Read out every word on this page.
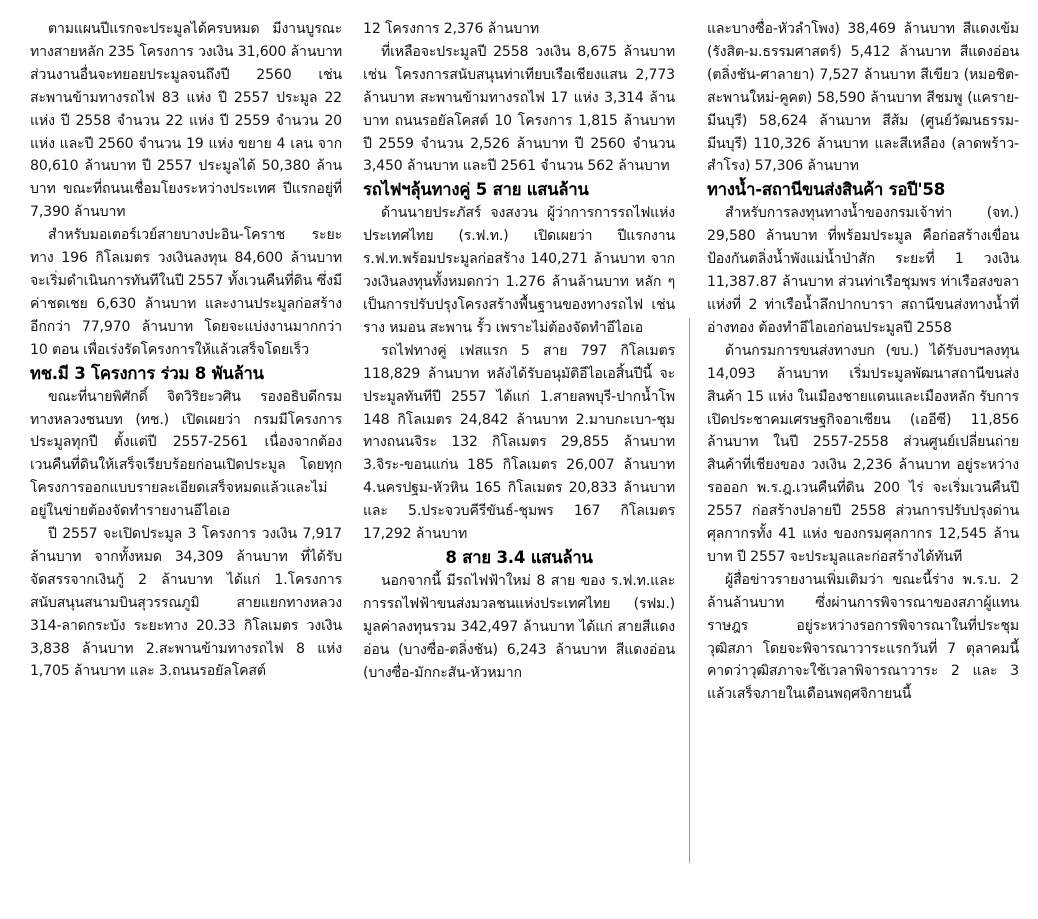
ตามแผนปีแรกจะประมูลได้ครบหมด มีงานบูรณะทางสายหลัก 235 โครงการ วงเงิน 31,600 ล้านบาท ส่วนงานอื่นจะทยอยประมูลจนถึงปี 2560 เช่น สะพานข้ามทางรถไฟ 83 แห่ง ปี 2557 ประมูล 22 แห่ง ปี 2558 จำนวน 22 แห่ง ปี 2559 จำนวน 20 แห่ง และปี 2560 จำนวน 19 แห่ง ขยาย 4 เลน จาก 80,610 ล้านบาท ปี 2557 ประมูลได้ 50,380 ล้านบาท ขณะที่ถนนเชื่อมโยงระหว่างประเทศ ปีแรกอยู่ที่ 7,390 ล้านบาท

สำหรับมอเตอร์เวย์สายบางปะอิน-โคราช ระยะทาง 196 กิโลเมตร วงเงินลงทุน 84,600 ล้านบาท จะเริ่มดำเนินการทันทีในปี 2557 ทั้งเวนคืนที่ดิน ซึ่งมีค่าชดเชย 6,630 ล้านบาท และงานประมูลก่อสร้างอีกกว่า 77,970 ล้านบาท โดยจะแบ่งงานมากกว่า 10 ตอน เพื่อเร่งรัดโครงการให้แล้วเสร็จโดยเร็ว

ทช.มี 3 โครงการ ร่วม 8 พันล้าน

ขณะที่นายพิศักดิ์ จิตวิริยะวศิน รองอธิบดีกรมทางหลวงชนบท (ทช.) เปิดเผยว่า กรมมีโครงการประมูลทุกปี ตั้งแต่ปี 2557-2561 เนื่องจากต้องเวนคืนที่ดินให้เสร็จเรียบร้อยก่อนเปิดประมูล โดยทุกโครงการออกแบบรายละเอียดเสร็จหมดแล้วและไม่อยู่ในข่ายต้องจัดทำรายงานอีไอเอ

ปี 2557 จะเปิดประมูล 3 โครงการ วงเงิน 7,917 ล้านบาท จากทั้งหมด 34,309 ล้านบาท ที่ได้รับจัดสรรจากเงินกู้ 2 ล้านบาท ได้แก่ 1.โครงการสนับสนุนสนามบินสุวรรณภูมิ สายแยกทางหลวง 314-ลาดกระบัง ระยะทาง 20.33 กิโลเมตร วงเงิน 3,838 ล้านบาท 2.สะพานข้ามทางรถไฟ 8 แห่ง 1,705 ล้านบาท และ 3.ถนนรอยัลโคสต์

12 โครงการ 2,376 ล้านบาท

ที่เหลือจะประมูลปี 2558 วงเงิน 8,675 ล้านบาท เช่น โครงการสนับสนุนท่าเทียบเรือเชียงแสน 2,773 ล้านบาท สะพานข้ามทางรถไฟ 17 แห่ง 3,314 ล้านบาท ถนนรอยัลโคสต์ 10 โครงการ 1,815 ล้านบาท ปี 2559 จำนวน 2,526 ล้านบาท ปี 2560 จำนวน 3,450 ล้านบาท และปี 2561 จำนวน 562 ล้านบาท

รถไฟฯลุ้นทางคู่ 5 สาย แสนล้าน

ด้านนายประภัสร์ จงสงวน ผู้ว่าการการรถไฟแห่งประเทศไทย (ร.ฟ.ท.) เปิดเผยว่า ปีแรกงาน ร.ฟ.ท.พร้อมประมูลก่อสร้าง 140,271 ล้านบาท จากวงเงินลงทุนทั้งหมดกว่า 1.276 ล้านล้านบาท หลัก ๆ เป็นการปรับปรุงโครงสร้างพื้นฐานของทางรถไฟ เช่น ราง หมอน สะพาน รั้ว เพราะไม่ต้องจัดทำอีไอเอ

รถไฟทางคู่ เฟสแรก 5 สาย 797 กิโลเมตร 118,829 ล้านบาท หลังได้รับอนุมัติอีไอเอสิ้นปีนี้ จะประมูลทันทีปี 2557 ได้แก่ 1.สายลพบุรี-ปากน้ำโพ 148 กิโลเมตร 24,842 ล้านบาท 2.มาบกะเบา-ชุมทางถนนจิระ 132 กิโลเมตร 29,855 ล้านบาท 3.จิระ-ขอนแก่น 185 กิโลเมตร 26,007 ล้านบาท 4.นครปฐม-หัวหิน 165 กิโลเมตร 20,833 ล้านบาท และ 5.ประจวบคีรีขันธ์-ชุมพร 167 กิโลเมตร 17,292 ล้านบาท

8 สาย 3.4 แสนล้าน

นอกจากนี้ มีรถไฟฟ้าใหม่ 8 สาย ของ ร.ฟ.ท.และการรถไฟฟ้าขนส่งมวลชนแห่งประเทศไทย (รฟม.) มูลค่าลงทุนรวม 342,497 ล้านบาท ได้แก่ สายสีแดงอ่อน (บางซื่อ-ตลิ่งชัน) 6,243 ล้านบาท สีแดงอ่อน (บางซื่อ-มักกะสัน-หัวหมาก

และบางซื่อ-หัวลำโพง) 38,469 ล้านบาท สีแดงเข้ม (รังสิต-ม.ธรรมศาสตร์) 5,412 ล้านบาท สีแดงอ่อน (ตลิ่งชัน-ศาลายา) 7,527 ล้านบาท สีเขียว (หมอชิต-สะพานใหม่-คูคต) 58,590 ล้านบาท สีชมพู (แคราย-มีนบุรี) 58,624 ล้านบาท สีส้ม (ศูนย์วัฒนธรรม-มีนบุรี) 110,326 ล้านบาท และสีเหลือง (ลาดพร้าว-สำโรง) 57,306 ล้านบาท

ทางน้ำ-สถานีขนส่งสินค้า รอปี'58

สำหรับการลงทุนทางน้ำของกรมเจ้าท่า (จท.) 29,580 ล้านบาท ที่พร้อมประมูล คือก่อสร้างเขื่อนป้องกันตลิ่งน้ำพังแม่น้ำป่าสัก ระยะที่ 1 วงเงิน 11,387.87 ล้านบาท ส่วนท่าเรือชุมพร ท่าเรือสงขลา แห่งที่ 2 ท่าเรือน้ำลึกปากบารา สถานีขนส่งทางน้ำที่อ่างทอง ต้องทำอีไอเอก่อนประมูลปี 2558

ด้านกรมการขนส่งทางบก (ขบ.) ได้รับงบฯลงทุน 14,093 ล้านบาท เริ่มประมูลพัฒนาสถานีขนส่งสินค้า 15 แห่ง ในเมืองชายแดนและเมืองหลัก รับการเปิดประชาคมเศรษฐกิจอาเซียน (เออีซี) 11,856 ล้านบาท ในปี 2557-2558 ส่วนศูนย์เปลี่ยนถ่ายสินค้าที่เชียงของ วงเงิน 2,236 ล้านบาท อยู่ระหว่างรอออก พ.ร.ฎ.เวนคืนที่ดิน 200 ไร่ จะเริ่มเวนคืนปี 2557 ก่อสร้างปลายปี 2558 ส่วนการปรับปรุงด่านศุลกากรทั้ง 41 แห่ง ของกรมศุลกากร 12,545 ล้านบาท ปี 2557 จะประมูลและก่อสร้างได้ทันที

ผู้สื่อข่าวรายงานเพิ่มเติมว่า ขณะนี้ร่าง พ.ร.บ. 2 ล้านล้านบาท ซึ่งผ่านการพิจารณาของสภาผู้แทนราษฎร อยู่ระหว่างรอการพิจารณาในที่ประชุมวุฒิสภา โดยจะพิจารณาวาระแรกวันที่ 7 ตุลาคมนี้ คาดว่าวุฒิสภาจะใช้เวลาพิจารณาวาระ 2 และ 3 แล้วเสร็จภายในเดือนพฤศจิกายนนี้
